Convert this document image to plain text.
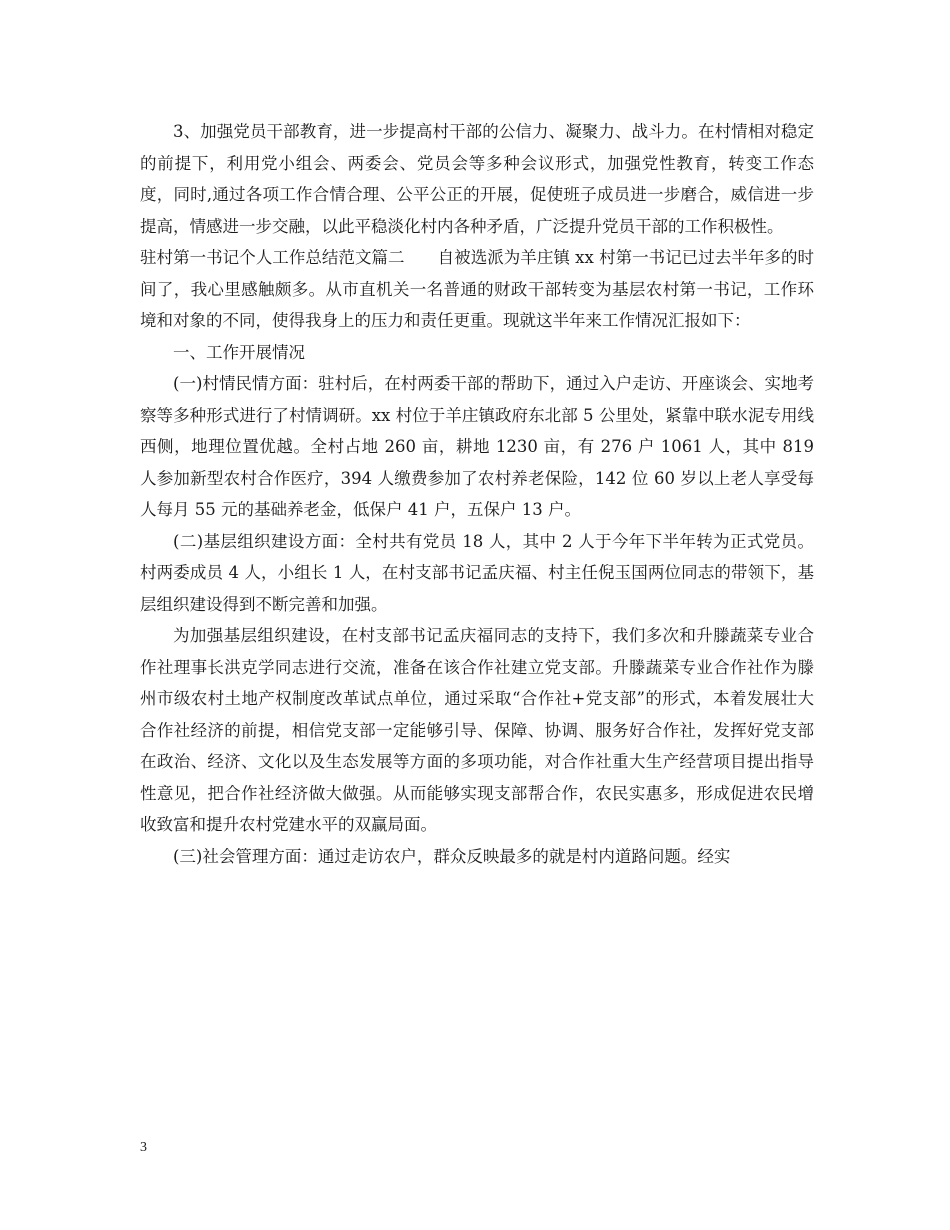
3、加强党员干部教育，进一步提高村干部的公信力、凝聚力、战斗力。在村情相对稳定的前提下，利用党小组会、两委会、党员会等多种会议形式，加强党性教育，转变工作态度，同时,通过各项工作合情合理、公平公正的开展，促使班子成员进一步磨合，威信进一步提高，情感进一步交融，以此平稳淡化村内各种矛盾，广泛提升党员干部的工作积极性。

驻村第一书记个人工作总结范文篇二　　自被选派为羊庄镇 xx 村第一书记已过去半年多的时间了，我心里感触颇多。从市直机关一名普通的财政干部转变为基层农村第一书记，工作环境和对象的不同，使得我身上的压力和责任更重。现就这半年来工作情况汇报如下：

一、工作开展情况

(一)村情民情方面：驻村后，在村两委干部的帮助下，通过入户走访、开座谈会、实地考察等多种形式进行了村情调研。xx 村位于羊庄镇政府东北部 5 公里处，紧靠中联水泥专用线西侧，地理位置优越。全村占地 260 亩，耕地 1230 亩，有 276 户 1061 人，其中 819 人参加新型农村合作医疗，394 人缴费参加了农村养老保险，142 位 60 岁以上老人享受每人每月 55 元的基础养老金，低保户 41 户，五保户 13 户。

(二)基层组织建设方面：全村共有党员 18 人，其中 2 人于今年下半年转为正式党员。村两委成员 4 人，小组长 1 人，在村支部书记孟庆福、村主任倪玉国两位同志的带领下，基层组织建设得到不断完善和加强。

为加强基层组织建设，在村支部书记孟庆福同志的支持下，我们多次和升滕蔬菜专业合作社理事长洪克学同志进行交流，准备在该合作社建立党支部。升滕蔬菜专业合作社作为滕州市级农村土地产权制度改革试点单位，通过采取“合作社+党支部”的形式，本着发展壮大合作社经济的前提，相信党支部一定能够引导、保障、协调、服务好合作社，发挥好党支部在政治、经济、文化以及生态发展等方面的多项功能，对合作社重大生产经营项目提出指导性意见，把合作社经济做大做强。从而能够实现支部帮合作，农民实惠多，形成促进农民增收致富和提升农村党建水平的双赢局面。

(三)社会管理方面：通过走访农户，群众反映最多的就是村内道路问题。经实

3
